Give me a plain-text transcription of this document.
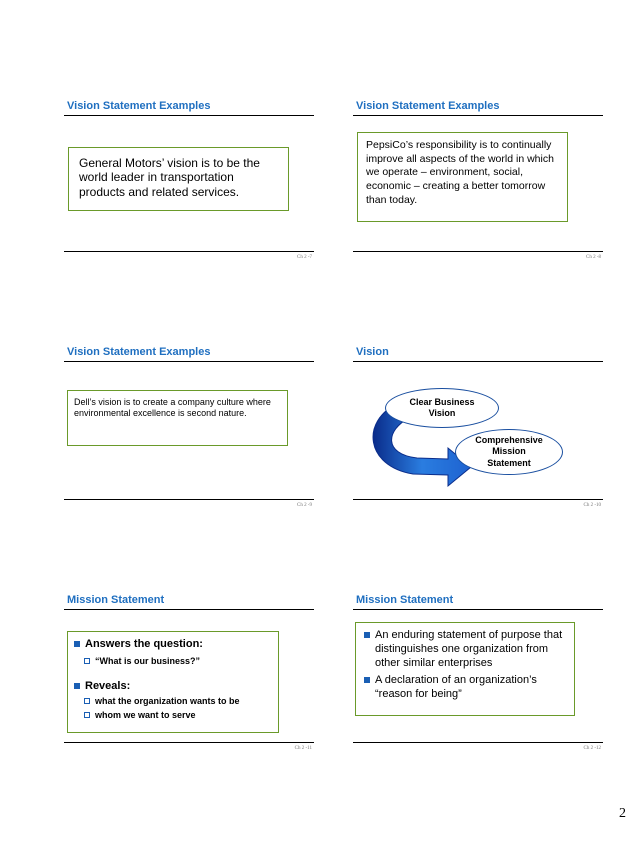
Vision Statement Examples

General Motors’ vision is to be the world leader in transportation products and related services.

Ch 2 -7
Vision Statement Examples

PepsiCo’s responsibility is to continually improve all aspects of the world in which we operate – environment, social, economic – creating a better tomorrow than today.

Ch 2 -8
Vision Statement Examples

Dell’s vision is to create a company culture where environmental excellence is second nature.

Ch 2 -9
Vision
Clear Business Vision
Comprehensive Mission Statement
Ch 2 -10
Mission Statement
Answers the question:
“What is our business?”
Reveals:
what the organization wants to be
whom we want to serve
Ch 2 -11
Mission Statement
An enduring statement of purpose that distinguishes one organization from other similar enterprises
A declaration of an organization’s “reason for being”
Ch 2 -12
2
